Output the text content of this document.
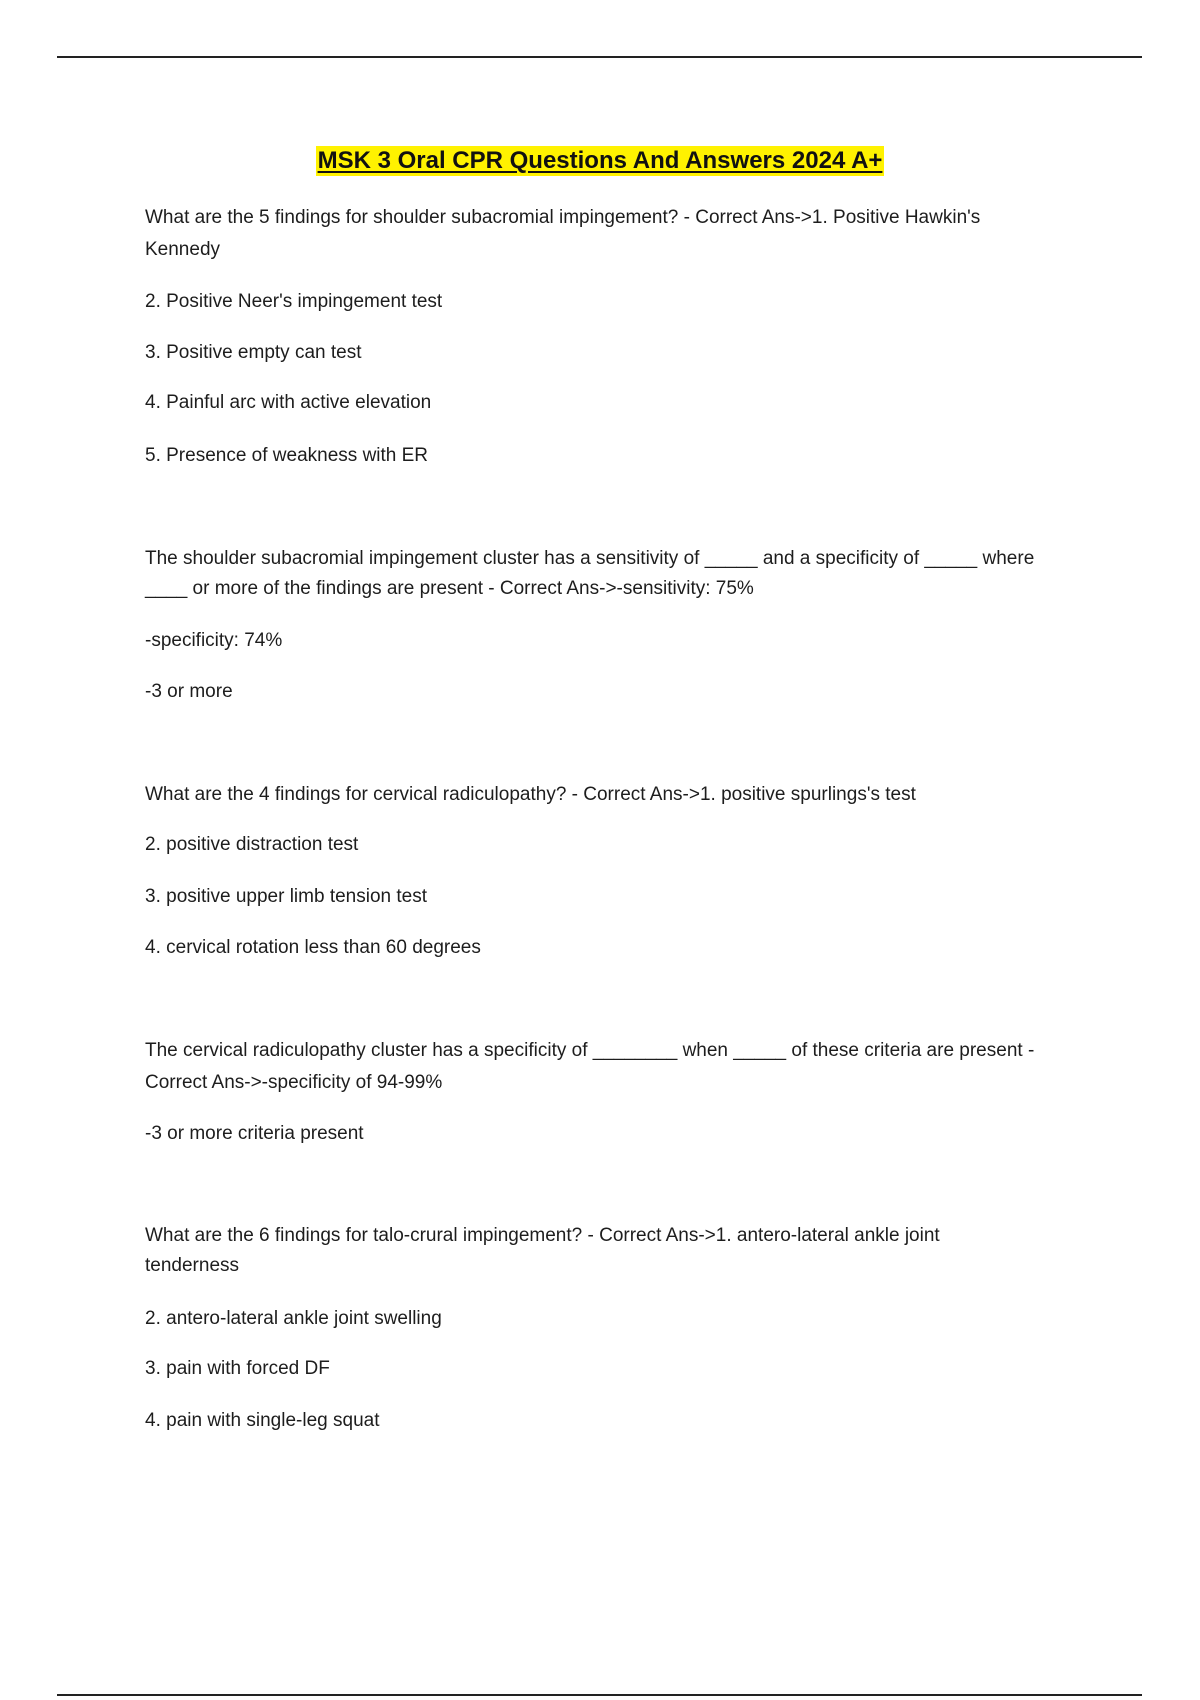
MSK 3 Oral CPR Questions And Answers 2024 A+
What are the 5 findings for shoulder subacromial impingement? - Correct Ans->1. Positive Hawkin's
Kennedy
2. Positive Neer's impingement test
3. Positive empty can test
4. Painful arc with active elevation
5. Presence of weakness with ER
The shoulder subacromial impingement cluster has a sensitivity of _____ and a specificity of _____ where
____ or more of the findings are present - Correct Ans->-sensitivity: 75%
-specificity: 74%
-3 or more
What are the 4 findings for cervical radiculopathy? - Correct Ans->1. positive spurlings's test
2. positive distraction test
3. positive upper limb tension test
4. cervical rotation less than 60 degrees
The cervical radiculopathy cluster has a specificity of ________ when _____ of these criteria are present -
Correct Ans->-specificity of 94-99%
-3 or more criteria present
What are the 6 findings for talo-crural impingement? - Correct Ans->1. antero-lateral ankle joint
tenderness
2. antero-lateral ankle joint swelling
3. pain with forced DF
4. pain with single-leg squat
